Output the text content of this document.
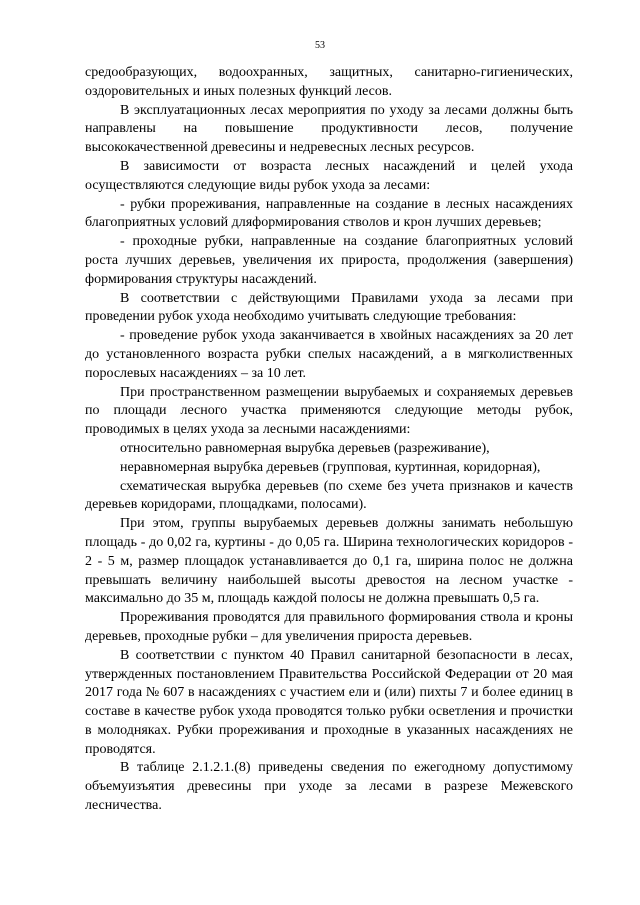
53

средообразующих, водоохранных, защитных, санитарно-гигиенических, оздоровительных и иных полезных функций лесов.

В эксплуатационных лесах мероприятия по уходу за лесами должны быть направлены на повышение продуктивности лесов, получение высококачественной древесины и недревесных лесных ресурсов.

В зависимости от возраста лесных насаждений и целей ухода осуществляются следующие виды рубок ухода за лесами:

- рубки прореживания, направленные на создание в лесных насаждениях благоприятных условий дляформирования стволов и крон лучших деревьев;

- проходные рубки, направленные на создание благоприятных условий роста лучших деревьев, увеличения их прироста, продолжения (завершения) формирования структуры насаждений.

В соответствии с действующими Правилами ухода за лесами при проведении рубок ухода необходимо учитывать следующие требования:

- проведение рубок ухода заканчивается в хвойных насаждениях за 20 лет до установленного возраста рубки спелых насаждений, а в мягколиственных порослевых насаждениях – за 10 лет.

При пространственном размещении вырубаемых и сохраняемых деревьев по площади лесного участка применяются следующие методы рубок, проводимых в целях ухода за лесными насаждениями:

относительно равномерная вырубка деревьев (разреживание),

неравномерная вырубка деревьев (групповая, куртинная, коридорная),

схематическая вырубка деревьев (по схеме без учета признаков и качеств деревьев коридорами, площадками, полосами).

При этом, группы вырубаемых деревьев должны занимать небольшую площадь - до 0,02 га, куртины - до 0,05 га. Ширина технологических коридоров - 2 - 5 м, размер площадок устанавливается до 0,1 га, ширина полос не должна превышать величину наибольшей высоты древостоя на лесном участке - максимально до 35 м, площадь каждой полосы не должна превышать 0,5 га.

Прореживания проводятся для правильного формирования ствола и кроны деревьев, проходные рубки – для увеличения прироста деревьев.

В соответствии с пунктом 40 Правил санитарной безопасности в лесах, утвержденных постановлением Правительства Российской Федерации от 20 мая 2017 года № 607 в насаждениях с участием ели и (или) пихты 7 и более единиц в составе в качестве рубок ухода проводятся только рубки осветления и прочистки в молодняках. Рубки прореживания и проходные в указанных насаждениях не проводятся.

В таблице 2.1.2.1.(8) приведены сведения по ежегодному допустимому объемуизъятия древесины при уходе за лесами в разрезе Межевского лесничества.
